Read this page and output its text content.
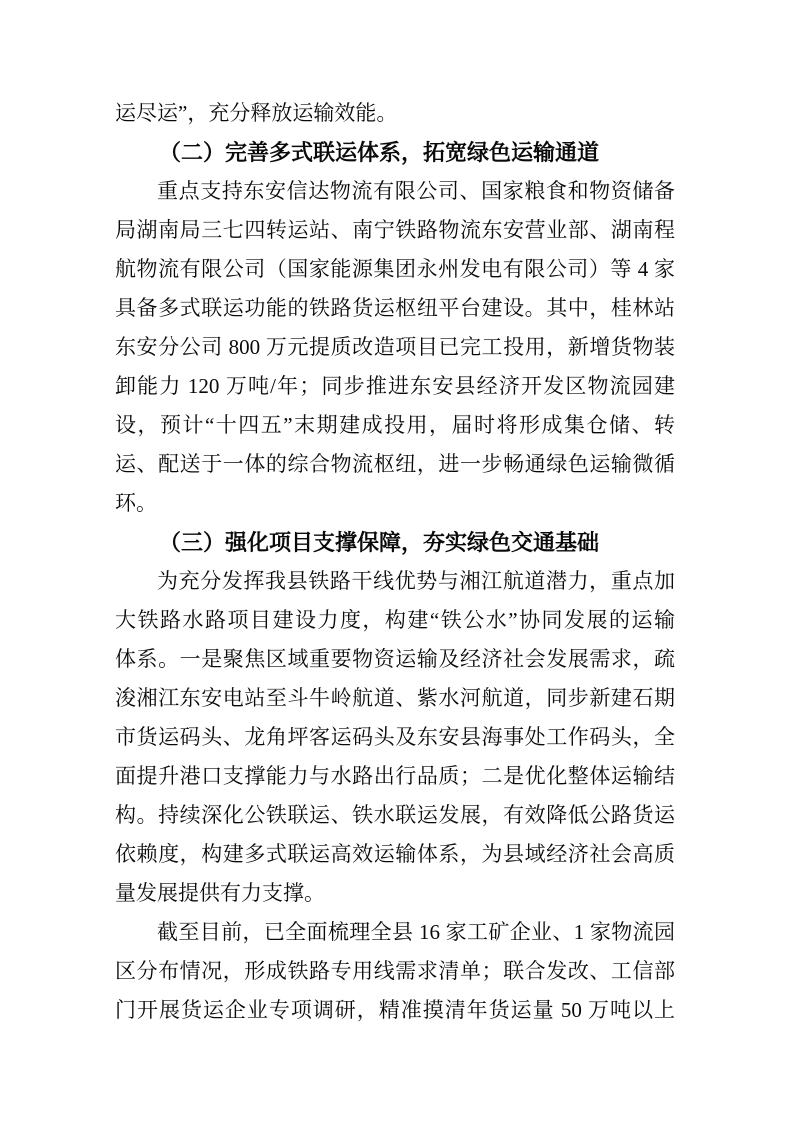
运尽运”，充分释放运输效能。
（二）完善多式联运体系，拓宽绿色运输通道
重点支持东安信达物流有限公司、国家粮食和物资储备
局湖南局三七四转运站、南宁铁路物流东安营业部、湖南程
航物流有限公司（国家能源集团永州发电有限公司）等 4 家
具备多式联运功能的铁路货运枢纽平台建设。其中，桂林站
东安分公司 800 万元提质改造项目已完工投用，新增货物装
卸能力 120 万吨/年；同步推进东安县经济开发区物流园建
设，预计“十四五”末期建成投用，届时将形成集仓储、转
运、配送于一体的综合物流枢纽，进一步畅通绿色运输微循
环。
（三）强化项目支撑保障，夯实绿色交通基础
为充分发挥我县铁路干线优势与湘江航道潜力，重点加
大铁路水路项目建设力度，构建“铁公水”协同发展的运输
体系。一是聚焦区域重要物资运输及经济社会发展需求，疏
浚湘江东安电站至斗牛岭航道、紫水河航道，同步新建石期
市货运码头、龙角坪客运码头及东安县海事处工作码头，全
面提升港口支撑能力与水路出行品质；二是优化整体运输结
构。持续深化公铁联运、铁水联运发展，有效降低公路货运
依赖度，构建多式联运高效运输体系，为县域经济社会高质
量发展提供有力支撑。
截至目前，已全面梳理全县 16 家工矿企业、1 家物流园
区分布情况，形成铁路专用线需求清单；联合发改、工信部
门开展货运企业专项调研，精准摸清年货运量 50 万吨以上
